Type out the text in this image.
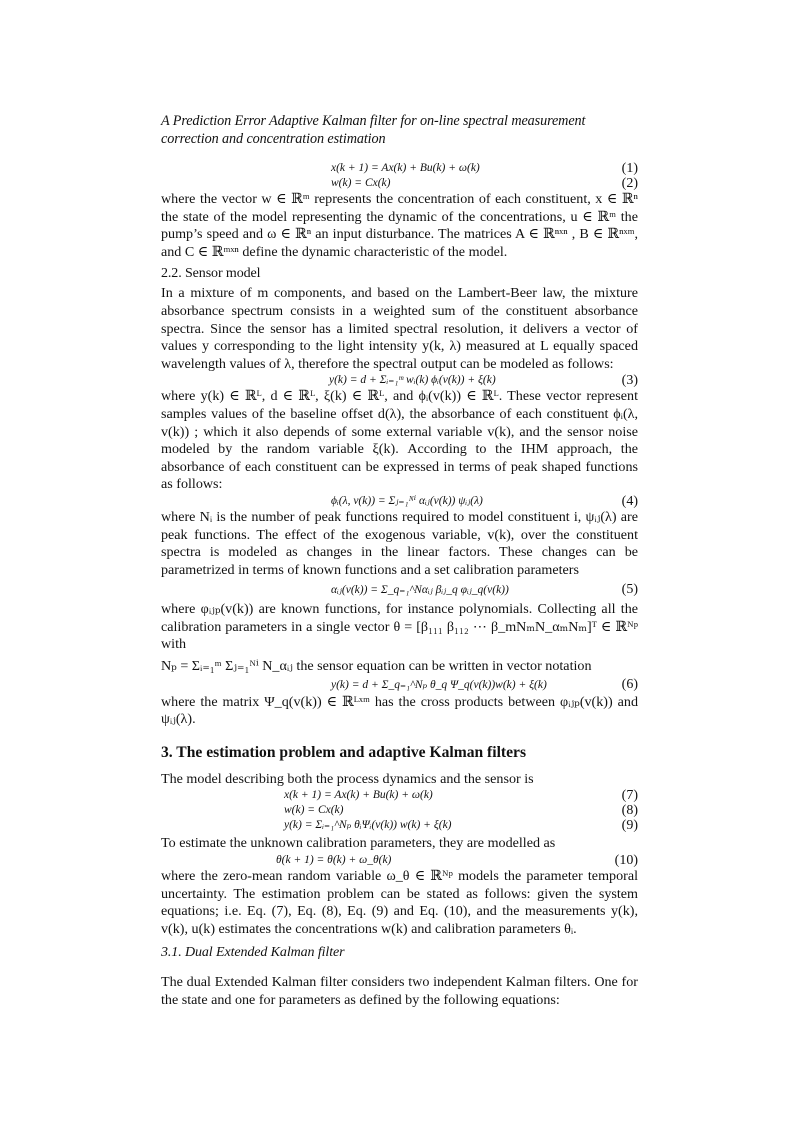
A Prediction Error Adaptive Kalman filter for on-line spectral measurement correction and concentration estimation

x(k + 1) = Ax(k) + Bu(k) + ω(k)	(1)
w(k) = Cx(k)	(2)

where the vector w ∈ ℝᵐ represents the concentration of each constituent, x ∈ ℝⁿ the state of the model representing the dynamic of the concentrations, u ∈ ℝᵐ the pump’s speed and ω ∈ ℝⁿ an input disturbance. The matrices A ∈ ℝⁿˣⁿ , B ∈ ℝⁿˣᵐ, and C ∈ ℝᵐˣⁿ define the dynamic characteristic of the model.

2.2. Sensor model

In a mixture of m components, and based on the Lambert-Beer law, the mixture absorbance spectrum consists in a weighted sum of the constituent absorbance spectra. Since the sensor has a limited spectral resolution, it delivers a vector of values y corresponding to the light intensity y(k, λ) measured at L equally spaced wavelength values of λ, therefore the spectral output can be modeled as follows:

y(k) = d + Σᵢ₌₁ᵐ wᵢ(k) ϕᵢ(v(k)) + ξ(k)	(3)

where y(k) ∈ ℝᴸ, d ∈ ℝᴸ, ξ(k) ∈ ℝᴸ, and ϕᵢ(v(k)) ∈ ℝᴸ. These vector represent samples values of the baseline offset d(λ), the absorbance of each constituent ϕᵢ(λ, v(k)) ; which it also depends of some external variable v(k), and the sensor noise modeled by the random variable ξ(k). According to the IHM approach, the absorbance of each constituent can be expressed in terms of peak shaped functions as follows:

ϕᵢ(λ, v(k)) = Σⱼ₌₁ᴺⁱ αᵢⱼ(v(k)) ψᵢⱼ(λ)	(4)

where Nᵢ is the number of peak functions required to model constituent i, ψᵢⱼ(λ) are peak functions. The effect of the exogenous variable, v(k), over the constituent spectra is modeled as changes in the linear factors. These changes can be parametrized in terms of known functions and a set calibration parameters

αᵢⱼ(v(k)) = Σ_q₌₁^Nαᵢⱼ βᵢⱼ_q φᵢⱼ_q(v(k))	(5)

where φᵢⱼₚ(v(k)) are known functions, for instance polynomials. Collecting all the calibration parameters in a single vector θ = [β₁₁₁ β₁₁₂ ⋯ β_mNₘN_αₘNₘ]ᵀ ∈ ℝᴺᵖ with

Nₚ = Σᵢ₌₁ᵐ Σⱼ₌₁ᴺⁱ N_αᵢⱼ the sensor equation can be written in vector notation

y(k) = d + Σ_q₌₁^Nₚ θ_q Ψ_q(v(k))w(k) + ξ(k)	(6)

where the matrix Ψ_q(v(k)) ∈ ℝᴸˣᵐ has the cross products between φᵢⱼₚ(v(k)) and ψᵢⱼ(λ).

3. The estimation problem and adaptive Kalman filters

The model describing both the process dynamics and the sensor is

x(k + 1) = Ax(k) + Bu(k) + ω(k)	(7)
w(k) = Cx(k)	(8)
y(k) = Σᵢ₌₁^Nₚ θᵢΨᵢ(v(k)) w(k) + ξ(k)	(9)

To estimate the unknown calibration parameters, they are modelled as

θ(k + 1) = θ(k) + ω_θ(k)	(10)

where the zero-mean random variable ω_θ ∈ ℝᴺᵖ models the parameter temporal uncertainty. The estimation problem can be stated as follows: given the system equations; i.e. Eq. (7), Eq. (8), Eq. (9) and Eq. (10), and the measurements y(k), v(k), u(k) estimates the concentrations w(k) and calibration parameters θᵢ.

3.1. Dual Extended Kalman filter

The dual Extended Kalman filter considers two independent Kalman filters. One for the state and one for parameters as defined by the following equations:
